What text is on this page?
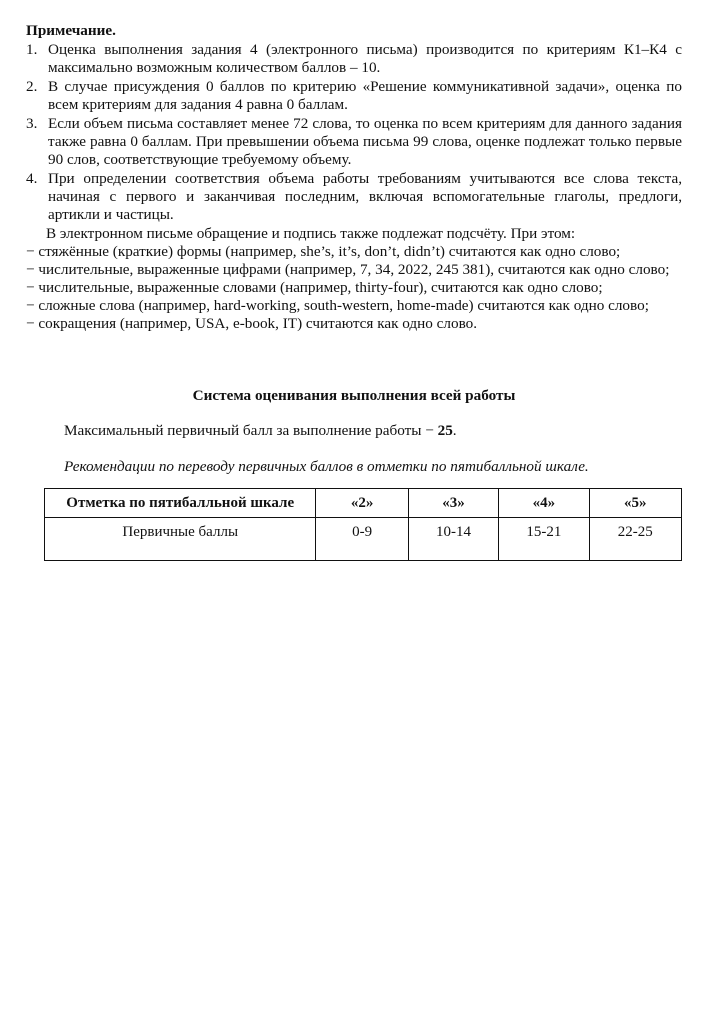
Примечание.

1. Оценка выполнения задания 4 (электронного письма) производится по критериям К1–К4 с максимально возможным количеством баллов – 10.
2. В случае присуждения 0 баллов по критерию «Решение коммуникативной задачи», оценка по всем критериям для задания 4 равна 0 баллам.
3. Если объем письма составляет менее 72 слова, то оценка по всем критериям для данного задания также равна 0 баллам. При превышении объема письма 99 слова, оценке подлежат только первые 90 слов, соответствующие требуемому объему.
4. При определении соответствия объема работы требованиям учитываются все слова текста, начиная с первого и заканчивая последним, включая вспомогательные глаголы, предлоги, артикли и частицы.

В электронном письме обращение и подпись также подлежат подсчёту. При этом:

− стяжённые (краткие) формы (например, she’s, it’s, don’t, didn’t) считаются как одно слово;

− числительные, выраженные цифрами (например, 7, 34, 2022, 245 381), считаются как одно слово;

− числительные, выраженные словами (например, thirty-four), считаются как одно слово;

− сложные слова (например, hard-working, south-western, home-made) считаются как одно слово;

− сокращения (например, USA, e-book, IT) считаются как одно слово.

Система оценивания выполнения всей работы

Максимальный первичный балл за выполнение работы − 25.

Рекомендации по переводу первичных баллов в отметки по пятибалльной шкале.

Отметка по пятибалльной шкале	«2»	«3»	«4»	«5»
Первичные баллы	0-9	10-14	15-21	22-25
